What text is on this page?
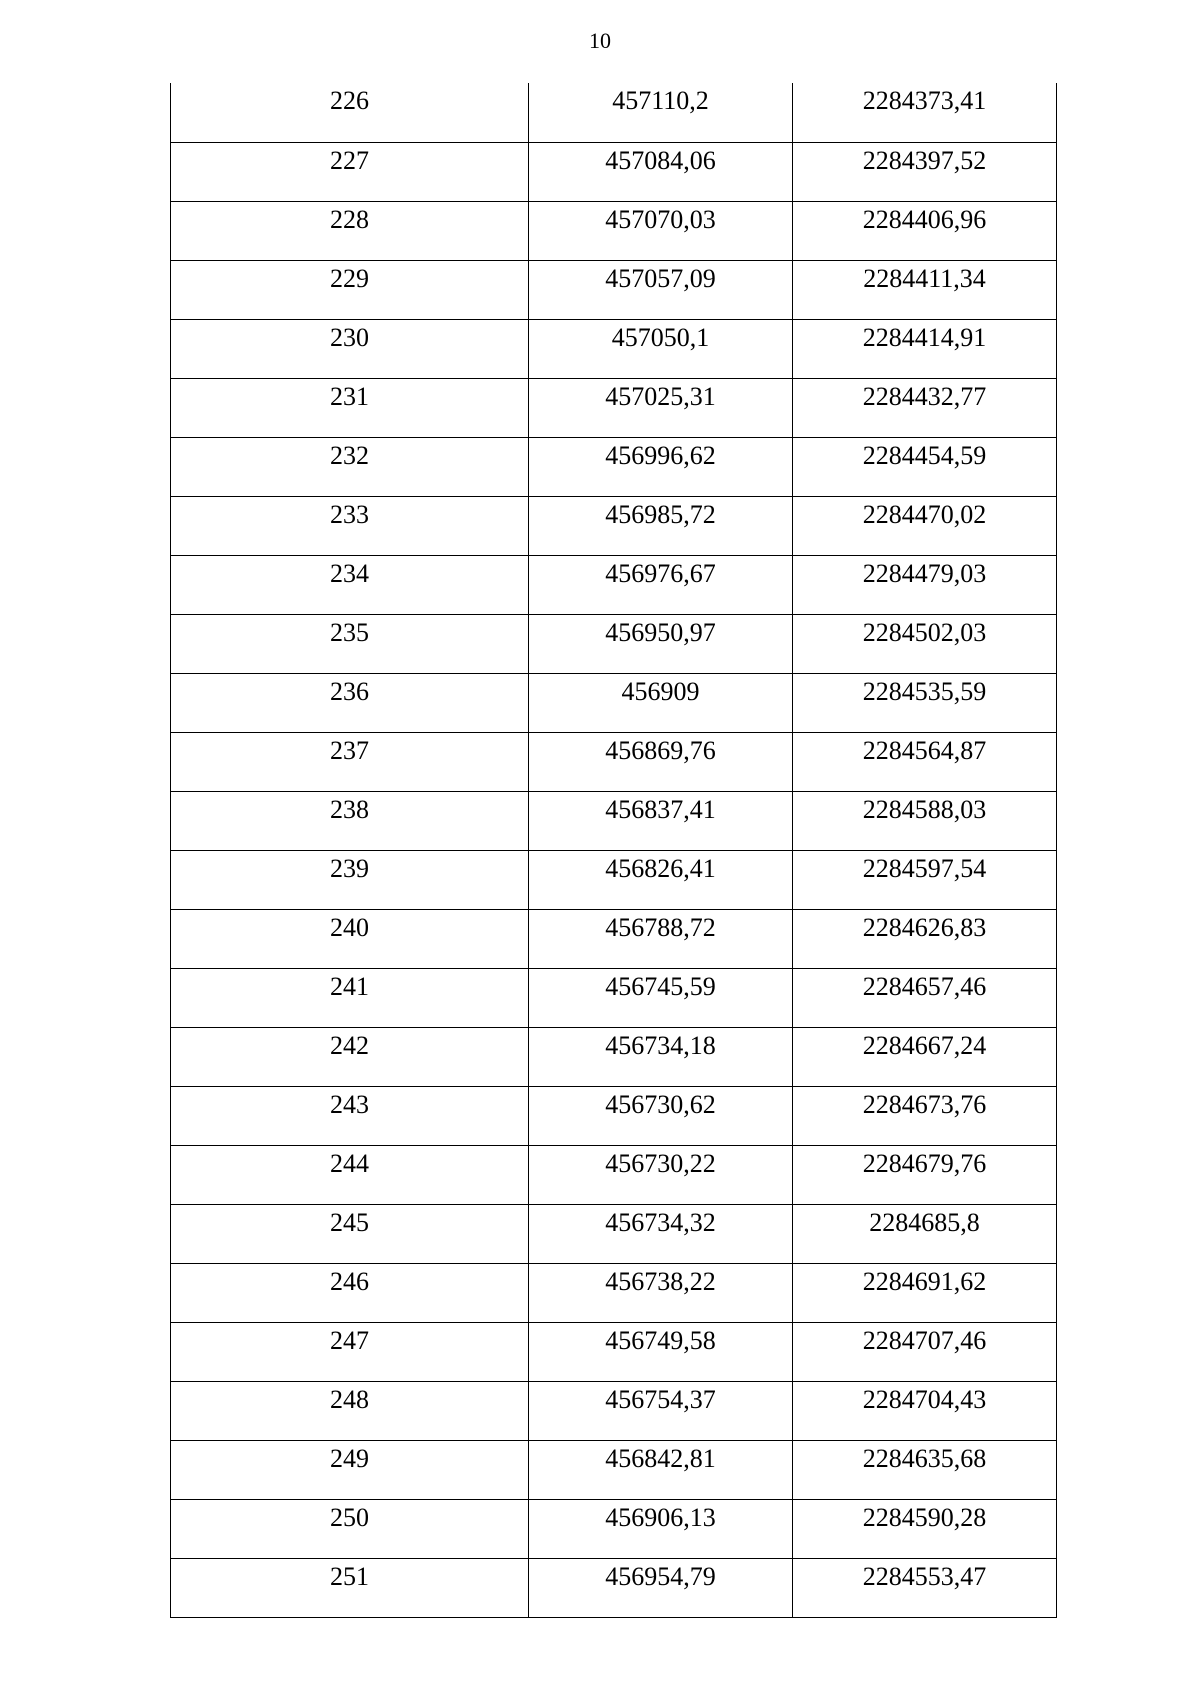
10
226	457110,2	2284373,41
227	457084,06	2284397,52
228	457070,03	2284406,96
229	457057,09	2284411,34
230	457050,1	2284414,91
231	457025,31	2284432,77
232	456996,62	2284454,59
233	456985,72	2284470,02
234	456976,67	2284479,03
235	456950,97	2284502,03
236	456909	2284535,59
237	456869,76	2284564,87
238	456837,41	2284588,03
239	456826,41	2284597,54
240	456788,72	2284626,83
241	456745,59	2284657,46
242	456734,18	2284667,24
243	456730,62	2284673,76
244	456730,22	2284679,76
245	456734,32	2284685,8
246	456738,22	2284691,62
247	456749,58	2284707,46
248	456754,37	2284704,43
249	456842,81	2284635,68
250	456906,13	2284590,28
251	456954,79	2284553,47
